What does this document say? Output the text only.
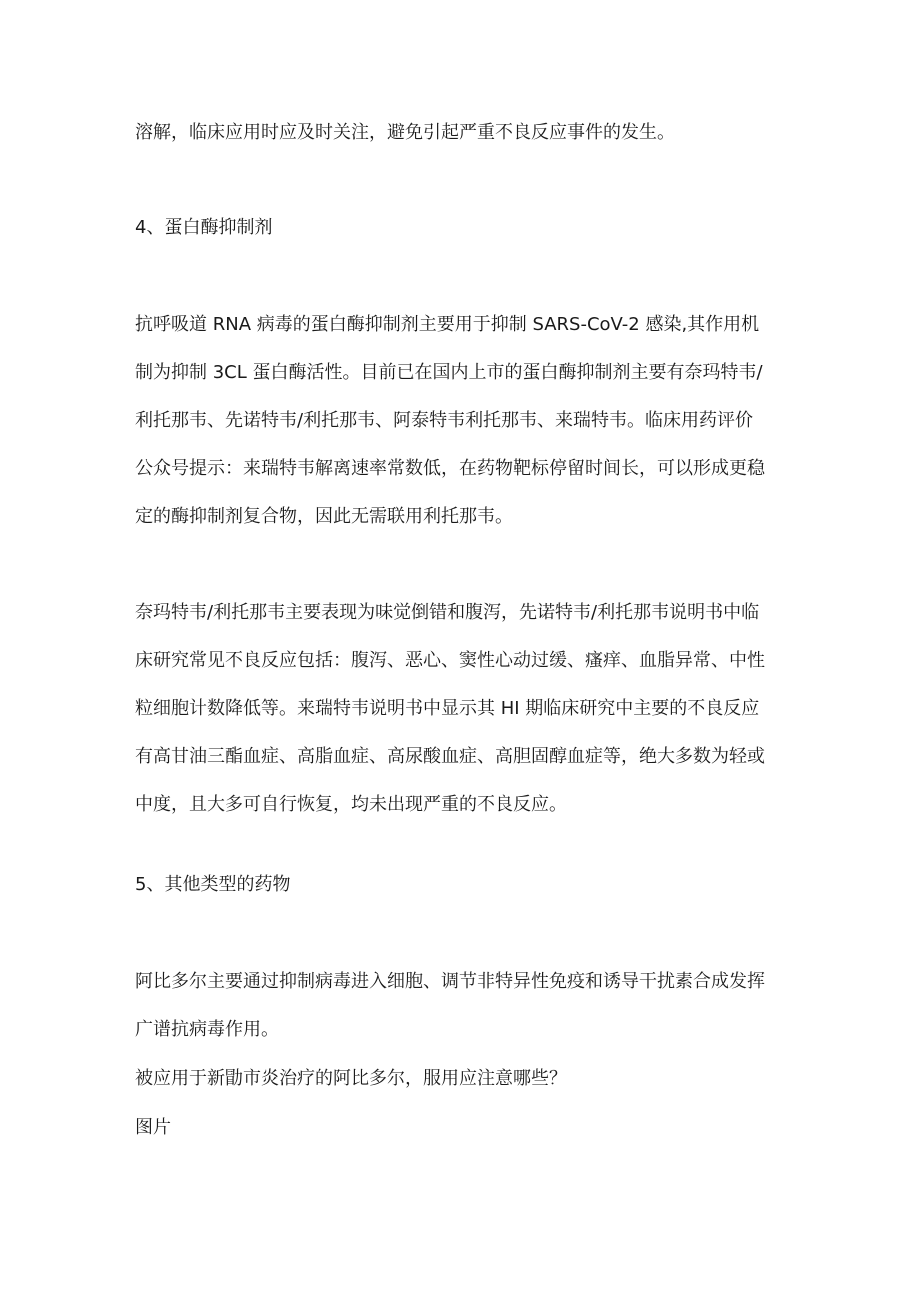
溶解，临床应用时应及时关注，避免引起严重不良反应事件的发生。

4、蛋白酶抑制剂

抗呼吸道 RNA 病毒的蛋白酶抑制剂主要用于抑制 SARS-CoV-2 感染,其作用机

制为抑制 3CL 蛋白酶活性。目前已在国内上市的蛋白酶抑制剂主要有奈玛特韦/

利托那韦、先诺特韦/利托那韦、阿泰特韦利托那韦、来瑞特韦。临床用药评价

公众号提示：来瑞特韦解离速率常数低，在药物靶标停留时间长，可以形成更稳

定的酶抑制剂复合物，因此无需联用利托那韦。

奈玛特韦/利托那韦主要表现为味觉倒错和腹泻，先诺特韦/利托那韦说明书中临

床研究常见不良反应包括：腹泻、恶心、窦性心动过缓、瘙痒、血脂异常、中性

粒细胞计数降低等。来瑞特韦说明书中显示其 HI 期临床研究中主要的不良反应

有高甘油三酯血症、高脂血症、高尿酸血症、高胆固醇血症等，绝大多数为轻或

中度，且大多可自行恢复，均未出现严重的不良反应。

5、其他类型的药物

阿比多尔主要通过抑制病毒进入细胞、调节非特异性免疫和诱导干扰素合成发挥

广谱抗病毒作用。

被应用于新勖市炎治疗的阿比多尔，服用应注意哪些？

图片
